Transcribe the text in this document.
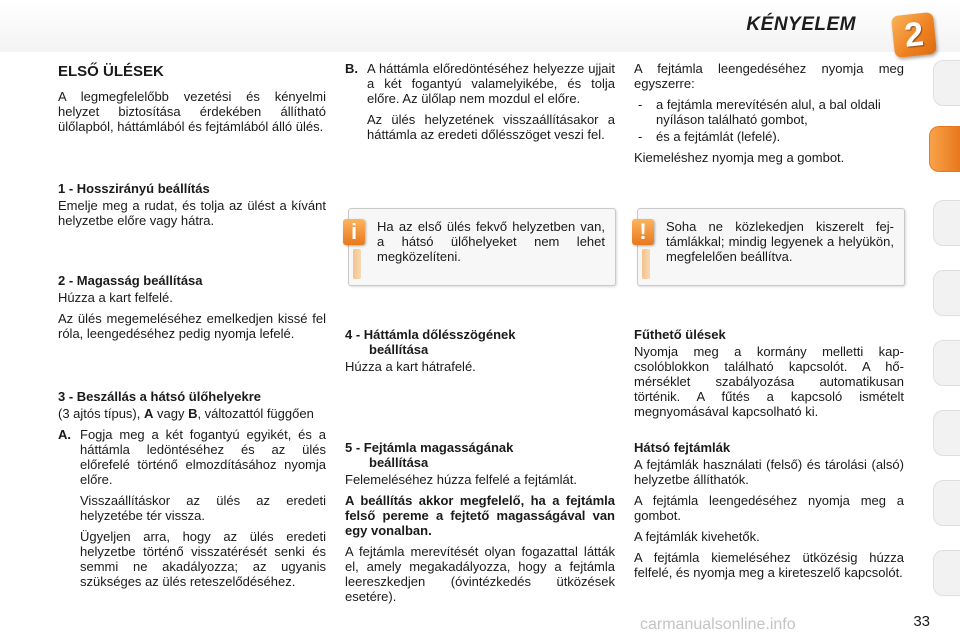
KÉNYELEM	2
ELSŐ ÜLÉSEK

A legmegfelelőbb vezetési és kényelmi helyzet biztosítása érdekében állítható ülőlapból, háttámlából és fejtámlából álló ülés.

1 - Hosszirányú beállítás

Emelje meg a rudat, és tolja az ülést a kívánt helyzetbe előre vagy hátra.

2 - Magasság beállítása

Húzza a kart felfelé.

Az ülés megemeléséhez emelkedjen kissé fel róla, leengedéséhez pedig nyomja lefelé.

3 - Beszállás a hátsó ülőhelyekre

(3 ajtós típus), A vagy B, változattól függően

A. Fogja meg a két fogantyú egyikét, és a háttámla ledöntéséhez és az ülés előrefelé történő elmozdításához nyomja előre.

Visszaállításkor az ülés az eredeti helyzetébe tér vissza.

Ügyeljen arra, hogy az ülés eredeti helyzetbe történő visszatérését senki és semmi ne akadályozza; az ugyanis szükséges az ülés reteszelődéséhez.

B. A háttámla előredöntéséhez helyezze ujjait a két fogantyú valamelyikébe, és tolja előre. Az ülőlap nem mozdul el előre.

Az ülés helyzetének visszaállításakor a háttámla az eredeti dőlésszöget veszi fel.

i	Ha az első ülés fekvő helyzetben van, a hátsó ülőhelyeket nem lehet megközelíteni.
4 - Háttámla dőlésszögének
beállítása

Húzza a kart hátrafelé.

5 - Fejtámla magasságának
beállítása

Felemeléséhez húzza felfelé a fejtámlát.

A beállítás akkor megfelelő, ha a fejtámla felső pereme a fejtető magasságával van egy vonalban.

A fejtámla merevítését olyan fogazattal látták el, amely megakadályozza, hogy a fejtámla leereszkedjen (óvintézkedés ütközések esetére).

A fejtámla leengedéséhez nyomja meg egyszerre:

- a fejtámla merevítésén alul, a bal oldali nyíláson található gombot,

- és a fejtámlát (lefelé).

Kiemeléshez nyomja meg a gombot.

!	Soha ne közlekedjen kiszerelt fejtámlákkal; mindig legyenek a helyükön, megfelelően beállítva.
Fűthető ülések

Nyomja meg a kormány melletti kapcsolóblokkon található kapcsolót. A hőmérséklet szabályozása automatikusan történik. A fűtés a kapcsoló ismételt megnyomásával kapcsolható ki.

Hátsó fejtámlák

A fejtámlák használati (felső) és tárolási (alsó) helyzetbe állíthatók.

A fejtámla leengedéséhez nyomja meg a gombot.

A fejtámlák kivehetők.

A fejtámla kiemeléséhez ütközésig húzza felfelé, és nyomja meg a kireteszelő kapcsolót.

33
carmanualsonline.info
